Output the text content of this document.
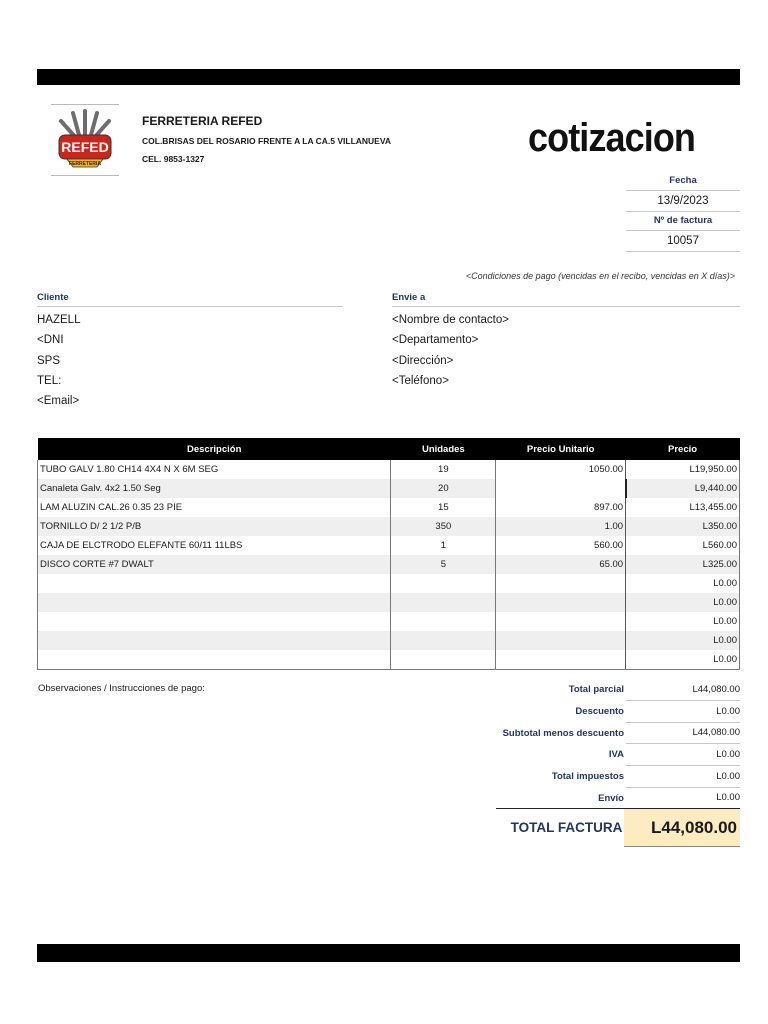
REFED
FERRETERIA
FERRETERIA REFED
COL.BRISAS DEL ROSARIO FRENTE A LA CA.5 VILLANUEVA
CEL. 9853-1327	cotizacion
Fecha
13/9/2023
Nº de factura
10057
<Condiciones de pago (vencidas en el recibo, vencidas en X días)>
Cliente
HAZELL
<DNI
SPS
TEL:
<Email>
Envie a
<Nombre de contacto>
<Departamento>
<Dirección>
<Teléfono>
Descripción	Unidades	Precio Unitario	Precio
TUBO GALV 1.80 CH14 4X4 N X 6M SEG	19	1050.00	L19,950.00
Canaleta Galv. 4x2 1.50 Seg	20		L9,440.00
LAM ALUZIN CAL.26 0.35 23 PIE	15	897.00	L13,455.00
TORNILLO D/ 2 1/2 P/B	350	1.00	L350.00
CAJA DE ELCTRODO ELEFANTE 60/11 11LBS	1	560.00	L560.00
DISCO CORTE #7 DWALT	5	65.00	L325.00
			L0.00
			L0.00
			L0.00
			L0.00
			L0.00
Observaciones / Instrucciones de pago:	Total parcial	L44,080.00
Descuento	L0.00
Subtotal menos descuento	L44,080.00
IVA	L0.00
Total impuestos	L0.00
Envío	L0.00
TOTAL FACTURA	L44,080.00
